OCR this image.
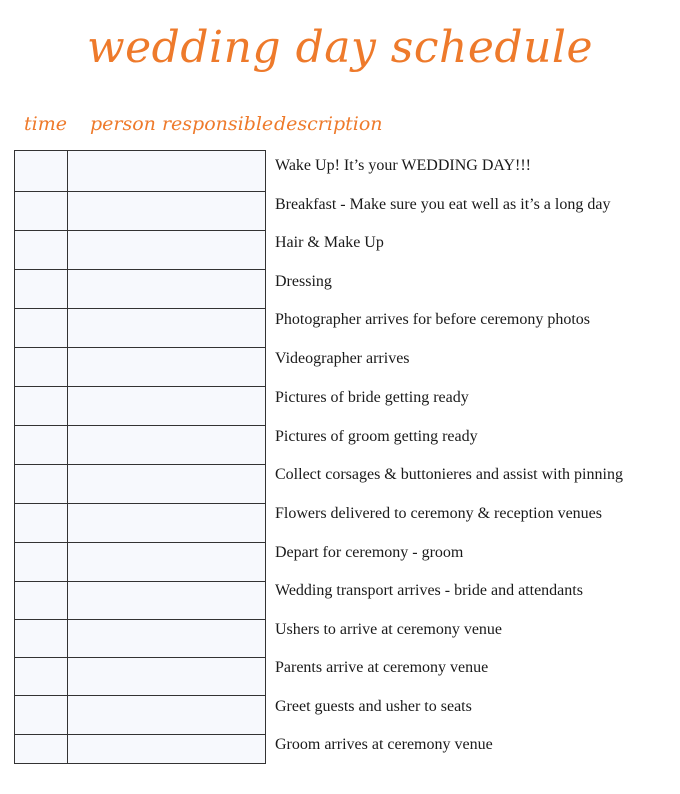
wedding day schedule
time person responsible description
Wake Up! It’s your WEDDING DAY!!!
Breakfast - Make sure you eat well as it’s a long day
Hair & Make Up
Dressing
Photographer arrives for before ceremony photos
Videographer arrives
Pictures of bride getting ready
Pictures of groom getting ready
Collect corsages & buttonieres and assist with pinning
Flowers delivered to ceremony & reception venues
Depart for ceremony - groom
Wedding transport arrives - bride and attendants
Ushers to arrive at ceremony venue
Parents arrive at ceremony venue
Greet guests and usher to seats
Groom arrives at ceremony venue
